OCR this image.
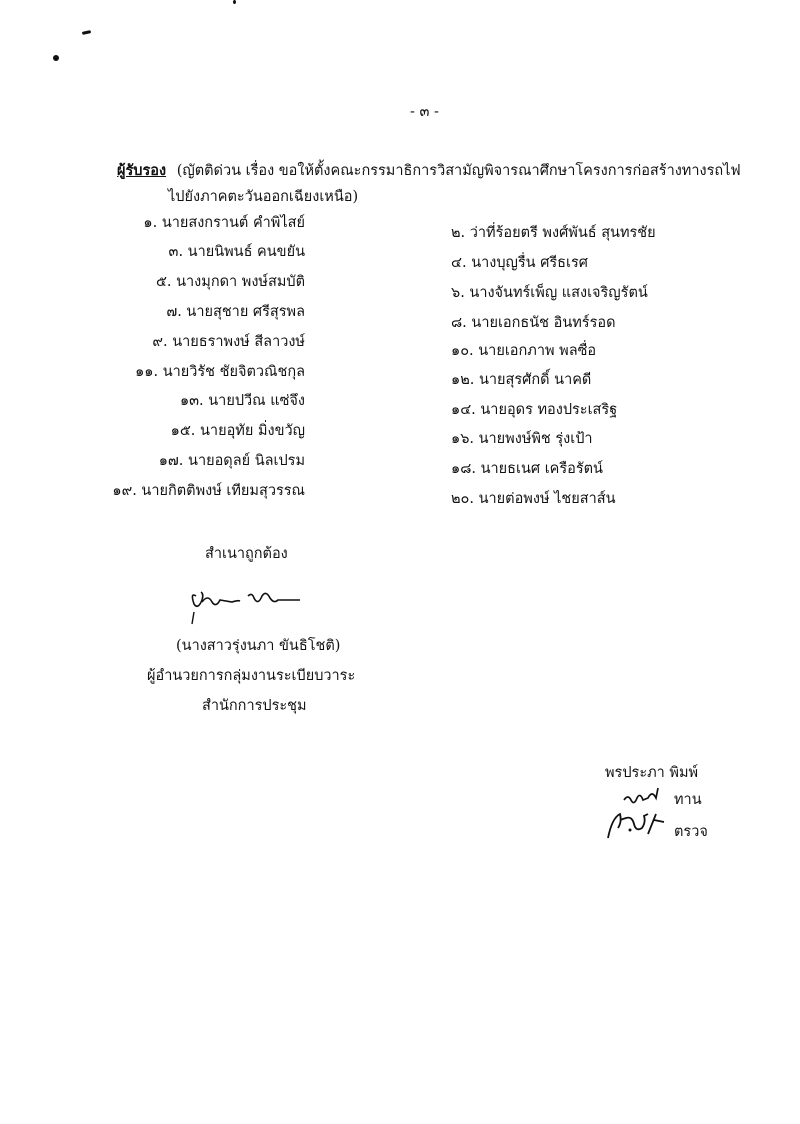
- ๓ -
ผู้รับรอง (ญัตติด่วน เรื่อง ขอให้ตั้งคณะกรรมาธิการวิสามัญพิจารณาศึกษาโครงการก่อสร้างทางรถไฟ
ไปยังภาคตะวันออกเฉียงเหนือ)
๑. นายสงกรานต์ คำพิไสย์
๓. นายนิพนธ์ คนขยัน
๕. นางมุกดา พงษ์สมบัติ
๗. นายสุชาย ศรีสุรพล
๙. นายธราพงษ์ สีลาวงษ์
๑๑. นายวิรัช ชัยจิตวณิชกุล
๑๓. นายปวีณ แซ่จึง
๑๕. นายอุทัย มิ่งขวัญ
๑๗. นายอดุลย์ นิลเปรม
๑๙. นายกิตติพงษ์ เทียมสุวรรณ
๒. ว่าที่ร้อยตรี พงศ์พันธ์ สุนทรชัย
๔. นางบุญรื่น ศรีธเรศ
๖. นางจันทร์เพ็ญ แสงเจริญรัตน์
๘. นายเอกธนัช อินทร์รอด
๑๐. นายเอกภาพ พลซื่อ
๑๒. นายสุรศักดิ์ นาคดี
๑๔. นายอุดร ทองประเสริฐ
๑๖. นายพงษ์พิช รุ่งเป้า
๑๘. นายธเนศ เครือรัตน์
๒๐. นายต่อพงษ์ ไชยสาส์น
สำเนาถูกต้อง
(นางสาวรุ่งนภา ขันธิโชติ)
ผู้อำนวยการกลุ่มงานระเบียบวาระ
สำนักการประชุม
พรประภา พิมพ์
ทาน
ตรวจ
